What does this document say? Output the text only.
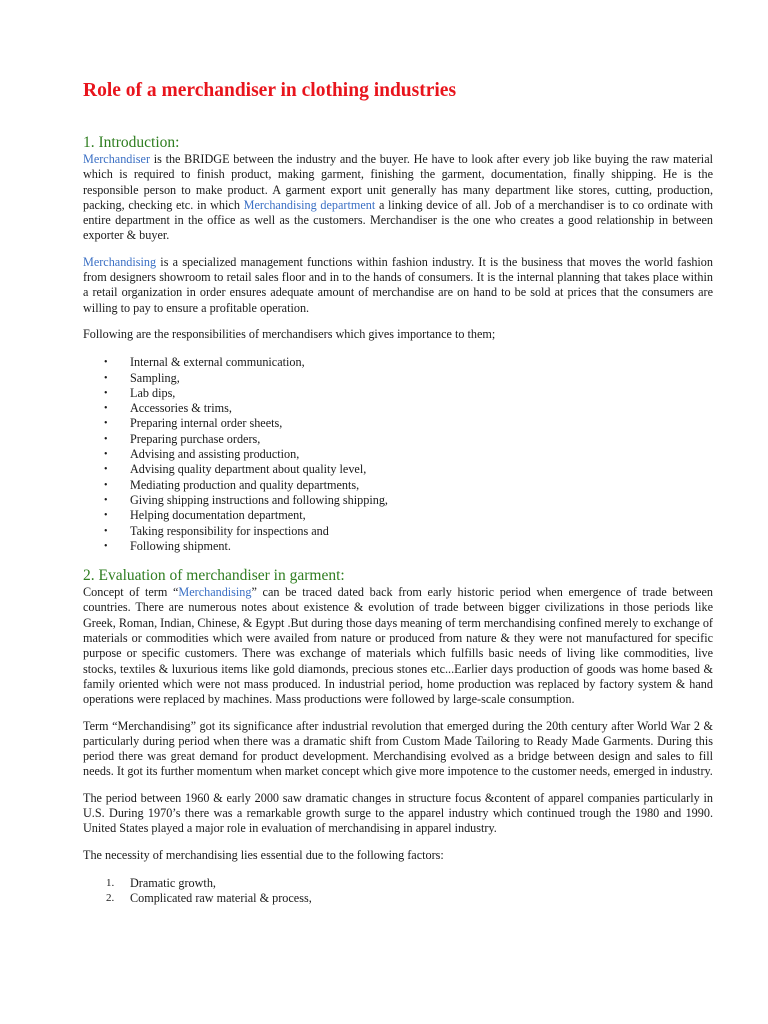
Role of a merchandiser in clothing industries
1. Introduction:

Merchandiser is the BRIDGE between the industry and the buyer. He have to look after every job like buying the raw material which is required to finish product, making garment, finishing the garment, documentation, finally shipping. He is the responsible person to make product. A garment export unit generally has many department like stores, cutting, production, packing, checking etc. in which Merchandising department a linking device of all. Job of a merchandiser is to co ordinate with entire department in the office as well as the customers. Merchandiser is the one who creates a good relationship in between exporter & buyer.

Merchandising is a specialized management functions within fashion industry. It is the business that moves the world fashion from designers showroom to retail sales floor and in to the hands of consumers. It is the internal planning that takes place within a retail organization in order ensures adequate amount of merchandise are on hand to be sold at prices that the consumers are willing to pay to ensure a profitable operation.

Following are the responsibilities of merchandisers which gives importance to them;

• Internal & external communication,
• Sampling,
• Lab dips,
• Accessories & trims,
• Preparing internal order sheets,
• Preparing purchase orders,
• Advising and assisting production,
• Advising quality department about quality level,
• Mediating production and quality departments,
• Giving shipping instructions and following shipping,
• Helping documentation department,
• Taking responsibility for inspections and
• Following shipment.
2. Evaluation of merchandiser in garment:

Concept of term “Merchandising” can be traced dated back from early historic period when emergence of trade between countries. There are numerous notes about existence & evolution of trade between bigger civilizations in those periods like Greek, Roman, Indian, Chinese, & Egypt .But during those days meaning of term merchandising confined merely to exchange of materials or commodities which were availed from nature or produced from nature & they were not manufactured for specific purpose or specific customers. There was exchange of materials which fulfills basic needs of living like commodities, live stocks, textiles & luxurious items like gold diamonds, precious stones etc...Earlier days production of goods was home based & family oriented which were not mass produced. In industrial period, home production was replaced by factory system & hand operations were replaced by machines. Mass productions were followed by large-scale consumption.

Term “Merchandising” got its significance after industrial revolution that emerged during the 20th century after World War 2 & particularly during period when there was a dramatic shift from Custom Made Tailoring to Ready Made Garments. During this period there was great demand for product development. Merchandising evolved as a bridge between design and sales to fill needs. It got its further momentum when market concept which give more impotence to the customer needs, emerged in industry.

The period between 1960 & early 2000 saw dramatic changes in structure focus &content of apparel companies particularly in U.S. During 1970’s there was a remarkable growth surge to the apparel industry which continued trough the 1980 and 1990. United States played a major role in evaluation of merchandising in apparel industry.

The necessity of merchandising lies essential due to the following factors:

1. Dramatic growth,
2. Complicated raw material & process,
